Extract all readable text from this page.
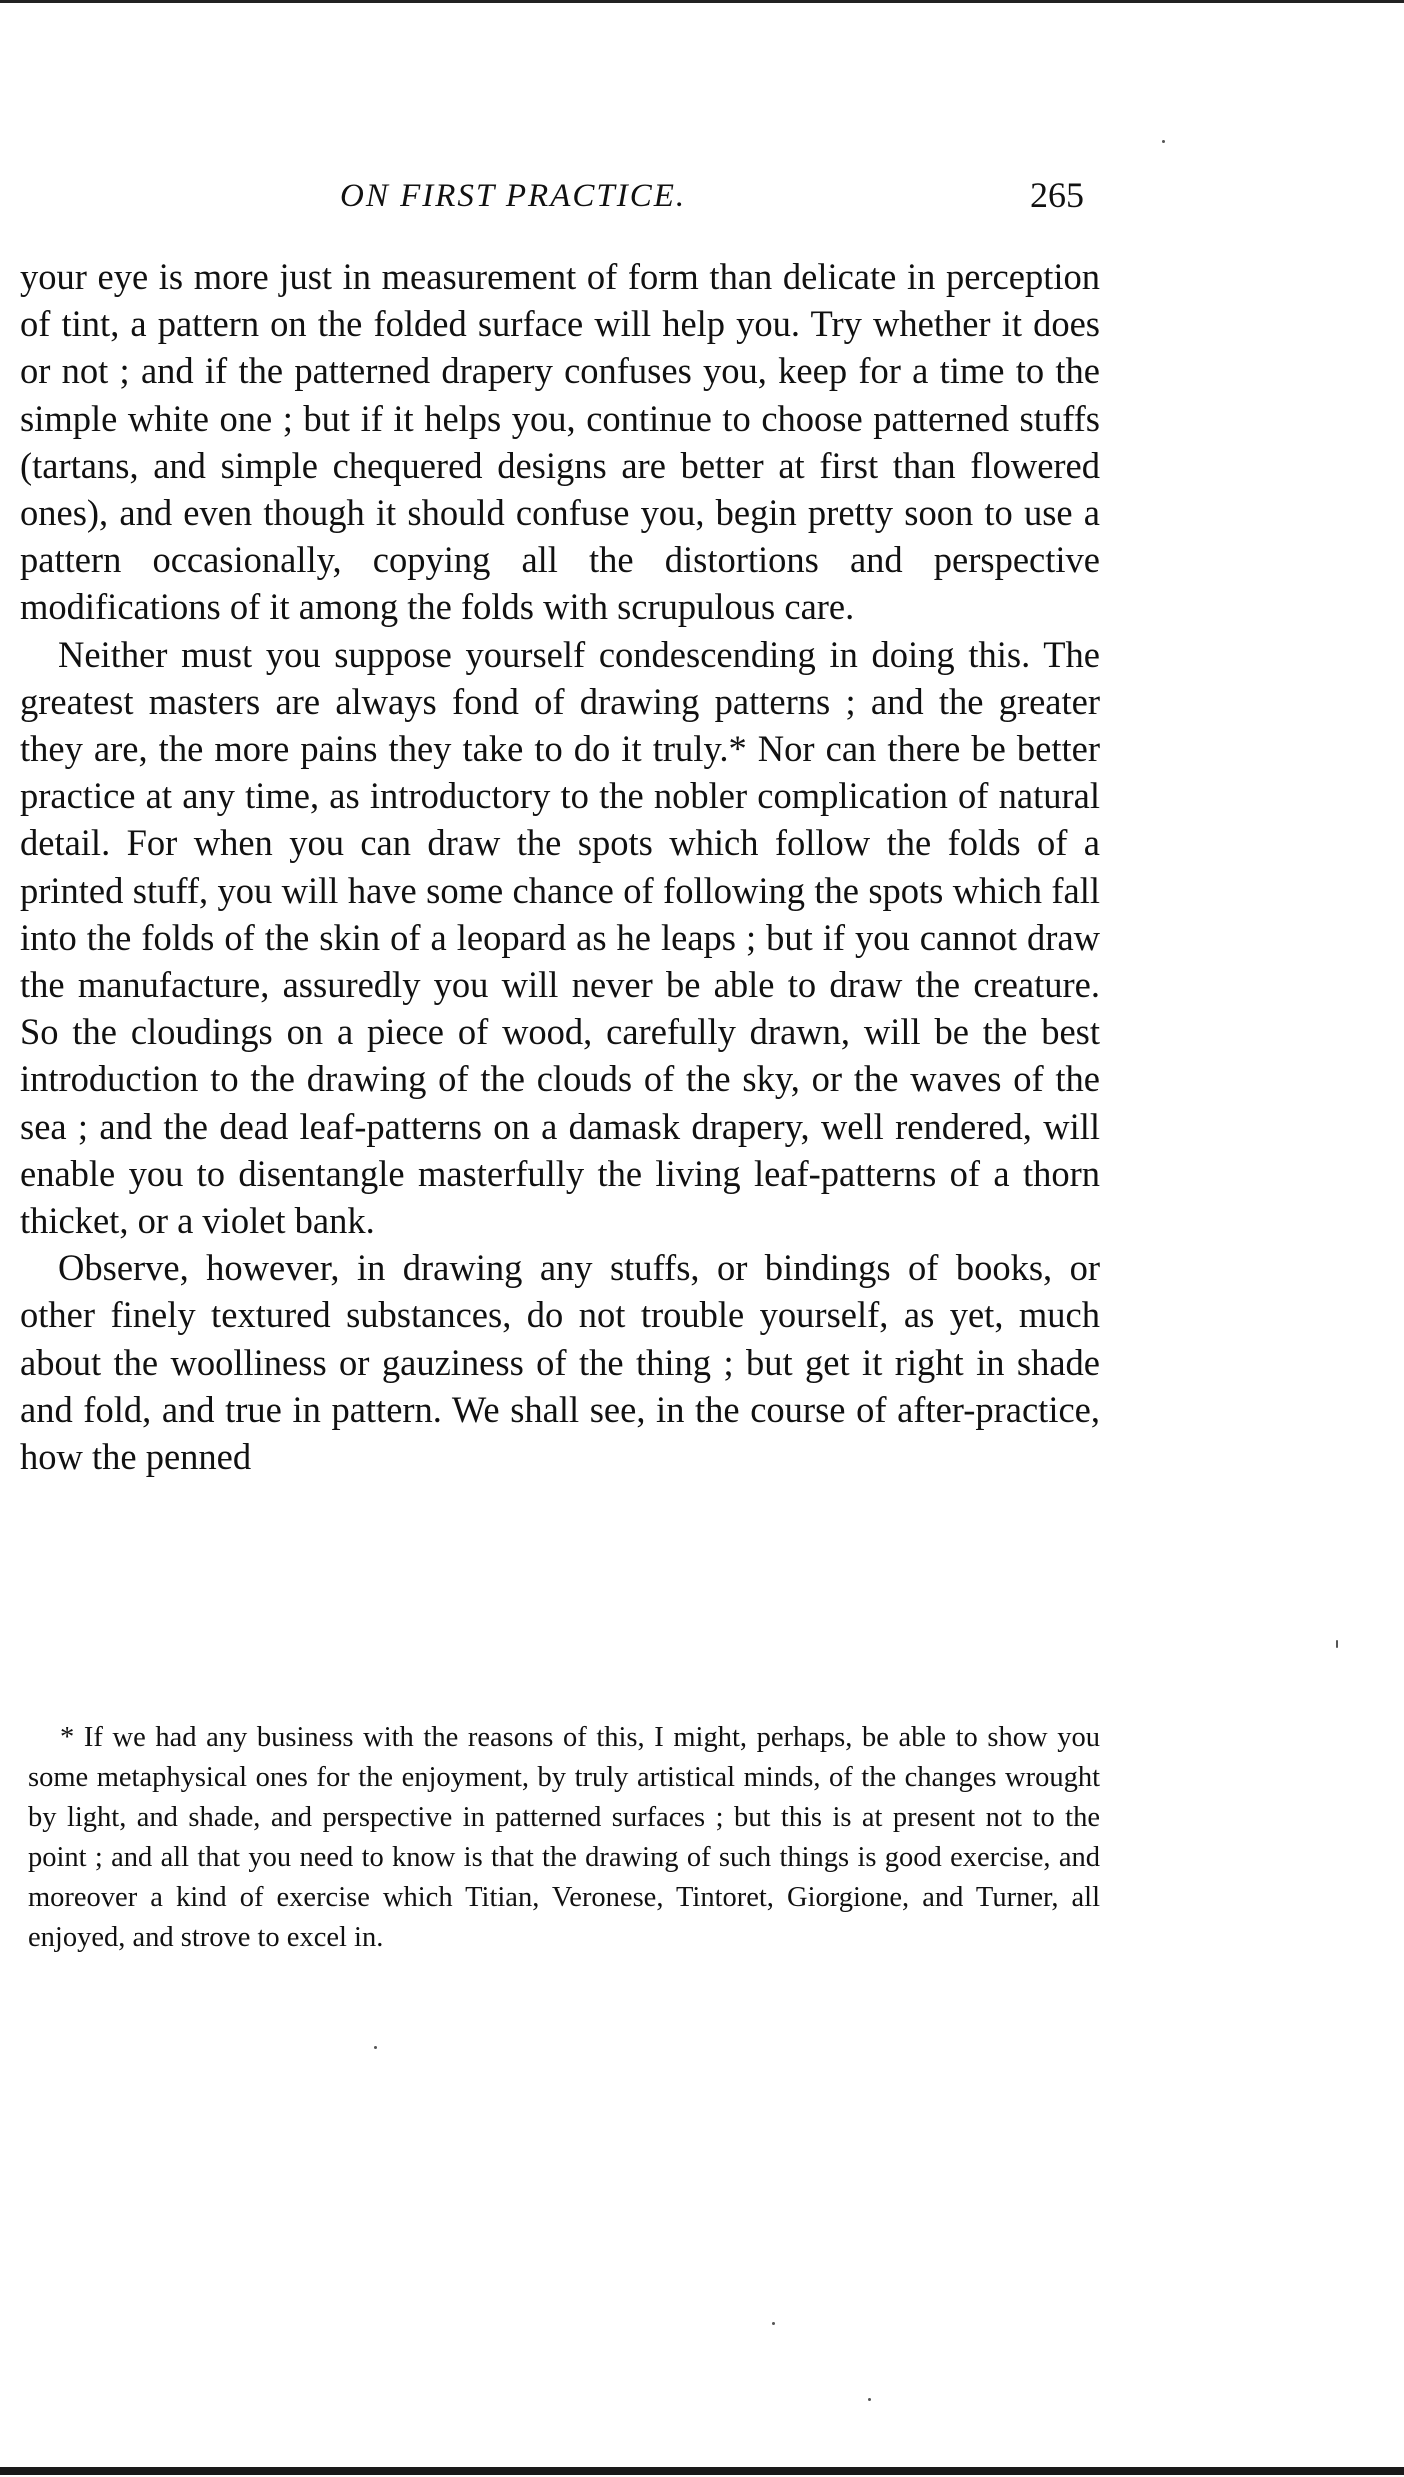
ON FIRST PRACTICE.	265

your eye is more just in measurement of form than delicate in perception of tint, a pattern on the folded surface will help you. Try whether it does or not ; and if the patterned drapery confuses you, keep for a time to the simple white one ; but if it helps you, continue to choose patterned stuffs (tartans, and simple chequered designs are better at first than flowered ones), and even though it should confuse you, begin pretty soon to use a pattern occasionally, copying all the distortions and perspective modifications of it among the folds with scrupulous care.

Neither must you suppose yourself condescending in doing this. The greatest masters are always fond of drawing patterns ; and the greater they are, the more pains they take to do it truly.* Nor can there be better practice at any time, as introductory to the nobler complication of natural detail. For when you can draw the spots which follow the folds of a printed stuff, you will have some chance of following the spots which fall into the folds of the skin of a leopard as he leaps ; but if you cannot draw the manufacture, assuredly you will never be able to draw the creature. So the cloudings on a piece of wood, carefully drawn, will be the best introduction to the drawing of the clouds of the sky, or the waves of the sea ; and the dead leaf-patterns on a damask drapery, well rendered, will enable you to disentangle masterfully the living leaf-patterns of a thorn thicket, or a violet bank.

Observe, however, in drawing any stuffs, or bindings of books, or other finely textured substances, do not trouble yourself, as yet, much about the woolliness or gauziness of the thing ; but get it right in shade and fold, and true in pattern. We shall see, in the course of after-practice, how the penned

* If we had any business with the reasons of this, I might, perhaps, be able to show you some metaphysical ones for the enjoyment, by truly artistical minds, of the changes wrought by light, and shade, and perspective in patterned surfaces ; but this is at present not to the point ; and all that you need to know is that the drawing of such things is good exercise, and moreover a kind of exercise which Titian, Veronese, Tintoret, Giorgione, and Turner, all enjoyed, and strove to excel in.
